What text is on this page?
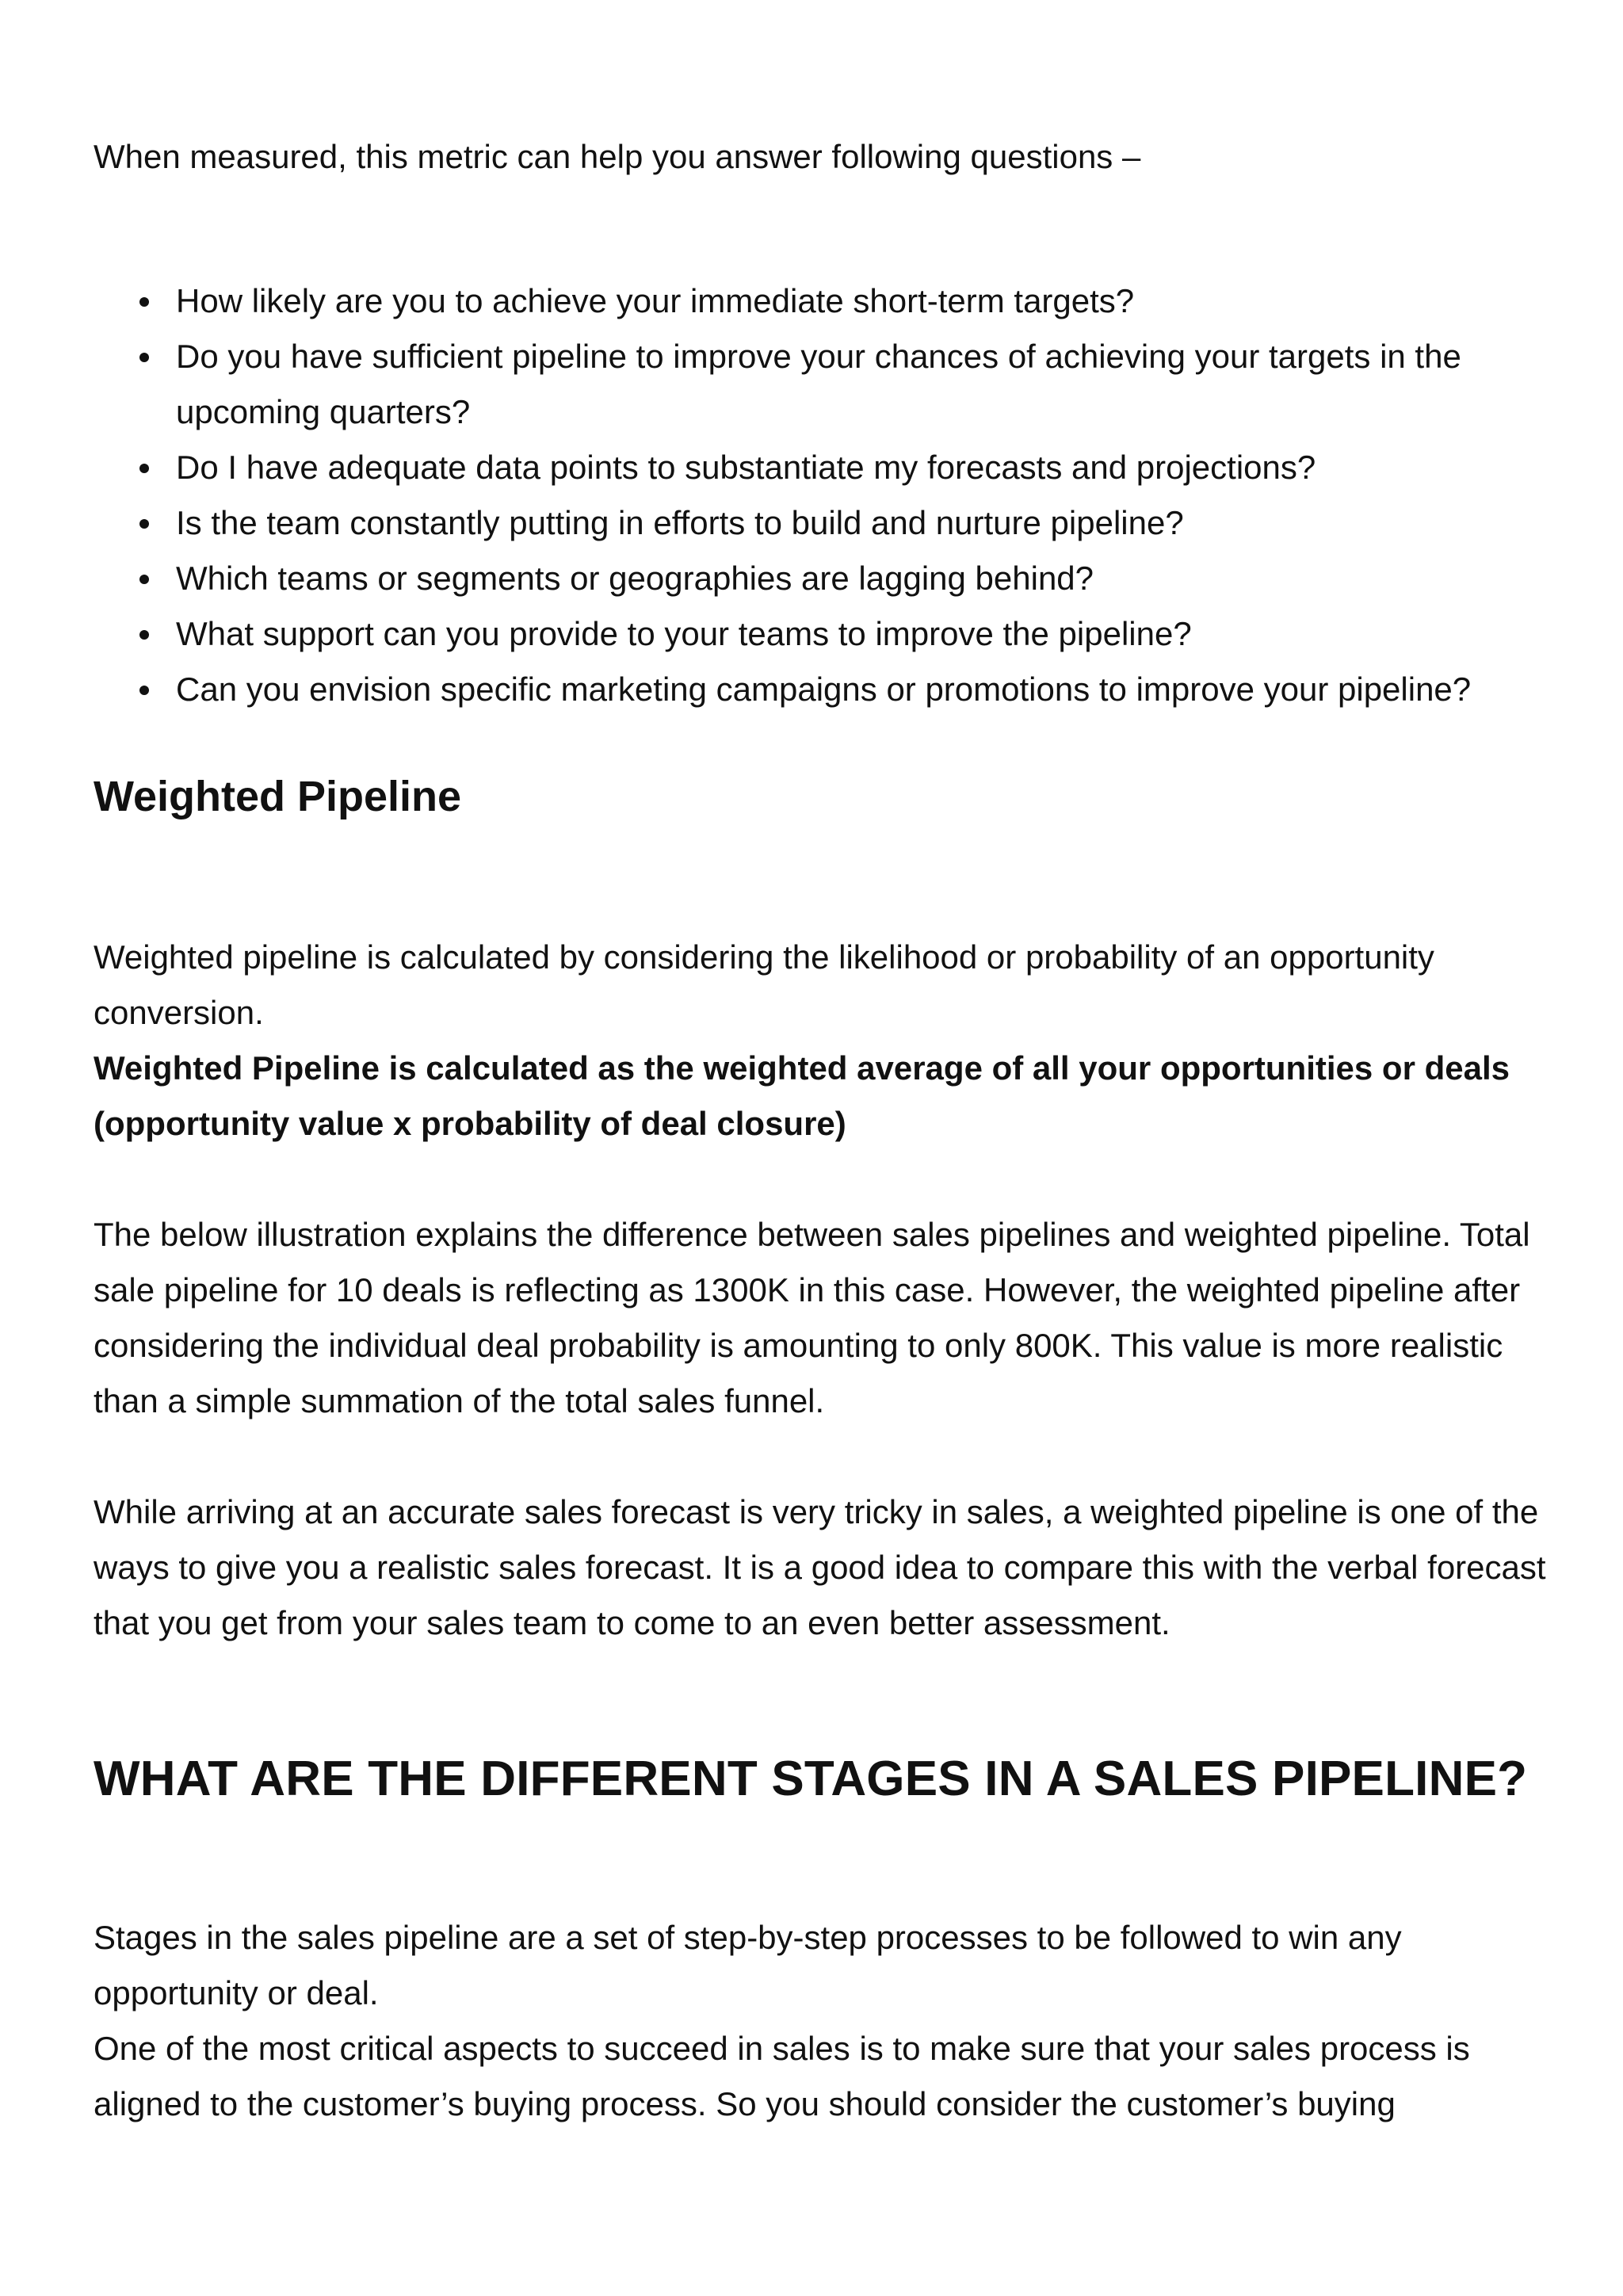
When measured, this metric can help you answer following questions –

How likely are you to achieve your immediate short-term targets?
Do you have sufficient pipeline to improve your chances of achieving your targets in the upcoming quarters?
Do I have adequate data points to substantiate my forecasts and projections?
Is the team constantly putting in efforts to build and nurture pipeline?
Which teams or segments or geographies are lagging behind?
What support can you provide to your teams to improve the pipeline?
Can you envision specific marketing campaigns or promotions to improve your pipeline?
Weighted Pipeline

Weighted pipeline is calculated by considering the likelihood or probability of an opportunity conversion.

Weighted Pipeline is calculated as the weighted average of all your opportunities or deals (opportunity value x probability of deal closure)

The below illustration explains the difference between sales pipelines and weighted pipeline. Total sale pipeline for 10 deals is reflecting as 1300K in this case. However, the weighted pipeline after considering the individual deal probability is amounting to only 800K. This value is more realistic than a simple summation of the total sales funnel.

While arriving at an accurate sales forecast is very tricky in sales, a weighted pipeline is one of the ways to give you a realistic sales forecast. It is a good idea to compare this with the verbal forecast that you get from your sales team to come to an even better assessment.

WHAT ARE THE DIFFERENT STAGES IN A SALES PIPELINE?

Stages in the sales pipeline are a set of step-by-step processes to be followed to win any opportunity or deal.

One of the most critical aspects to succeed in sales is to make sure that your sales process is aligned to the customer’s buying process. So you should consider the customer’s buying
